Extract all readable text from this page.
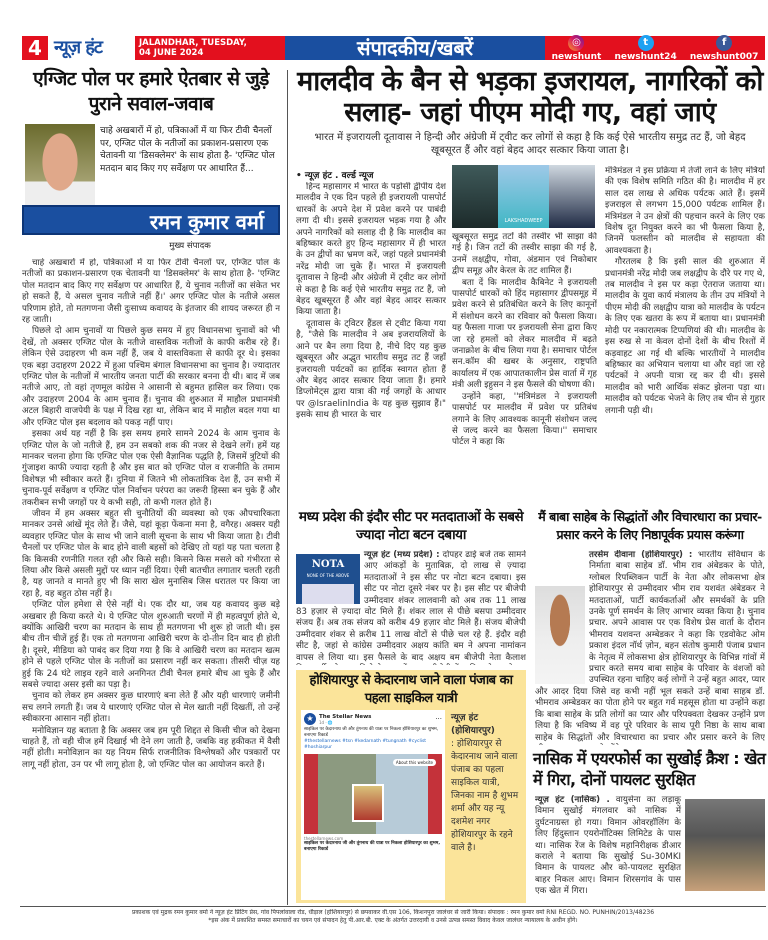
4 न्यूज़ हंट	JALANDHAR, TUESDAY,
04 JUNE 2024	संपादकीय/खबरें	◎
newshunt
t
newshunt24
f
newshunt007
एग्जिट पोल पर हमारे ऐतबार से जुड़े पुराने सवाल-जवाब
चाहे अखबारों में हो, पत्रिकाओं में या फिर टीवी चैनलों पर, एग्जिट पोल के नतीजों का प्रकाशन-प्रसारण एक चेतावनी या 'डिसक्लेमर' के साथ होता है- 'एग्जिट पोल मतदान बाद किए गए सर्वेक्षण पर आधारित हैं...
रमन कुमार वर्मा
मुख्य संपादक

चाहे अखबारों में हो, पत्रिकाओं में या फिर टीवी चैनलों पर, एग्जिट पोल के नतीजों का प्रकाशन-प्रसारण एक चेतावनी या 'डिसक्लेमर' के साथ होता है- 'एग्जिट पोल मतदान बाद किए गए सर्वेक्षण पर आधारित हैं, ये चुनाव नतीजों का संकेत भर हो सकते हैं, ये असल चुनाव नतीजे नहीं हैं।' अगर एग्जिट पोल के नतीजे असल परिणाम होते, तो मतगणना जैसी दुःसाध्य कवायद के इंतजार की शायद जरूरत ही न रह जाती।

पिछले दो आम चुनावों या पिछले कुछ समय में हुए विधानसभा चुनावों को भी देखें, तो अक्सर एग्जिट पोल के नतीजे वास्तविक नतीजों के काफी करीब रहे हैं। लेकिन ऐसे उदाहरण भी कम नहीं हैं, जब ये वास्तविकता से काफी दूर थे। इसका एक बड़ा उदाहरण 2022 में हुआ पश्चिम बंगाल विधानसभा का चुनाव है। ज्यादातर एग्जिट पोल के नतीजों में भारतीय जनता पार्टी की सरकार बनना दी थी। बाद में जब नतीजे आए, तो वहां तृणमूल कांग्रेस ने आसानी से बहुमत हासिल कर लिया। एक और उदाहरण 2004 के आम चुनाव हैं। चुनाव की शुरुआत में माहौल प्रधानमंत्री अटल बिहारी वाजपेयी के पक्ष में दिख रहा था, लेकिन बाद में माहौल बदल गया था और एग्जिट पोल इस बदलाव को पकड़ नहीं पाए।

इसका अर्थ यह नहीं है कि इस समय हमारे सामने 2024 के आम चुनाव के एग्जिट पोल के जो नतीजे हैं, हम उन सबको शक की नजर से देखने लगें। हमें यह मानकर चलना होगा कि एग्जिट पोल एक ऐसी वैज्ञानिक पद्धति है, जिसमें त्रुटियों की गुंजाइश काफी ज्यादा रहती है और इस बात को एग्जिट पोल व राजनीति के तमाम विशेषज्ञ भी स्वीकार करते हैं। दुनिया में जितने भी लोकतांत्रिक देश हैं, उन सभी में चुनाव-पूर्व सर्वेक्षण व एग्जिट पोल निर्वाचन परंपरा का जरूरी हिस्सा बन चुके हैं और तकरीबन सभी जगहों पर ये कभी सही, तो कभी गलत होते हैं।

जीवन में हम अक्सर बहुत सी चुनौतियों की व्यवस्था को एक औपचारिकता मानकर उनसे आंखें मूंद लेते हैं। जैसे, यहां कूड़ा फेंकना मना है, वगैरह। अक्सर यही व्यवहार एग्जिट पोल के साथ भी जाने वाली सूचना के साथ भी किया जाता है। टीवी चैनलों पर एग्जिट पोल के बाद होने वाली बहसों को देखिए तो यहां यह पता चलता है कि किसकी रणनीति गलत रही और किसे सही। किसने किस मसले को गंभीरता से लिया और किसे असली मुद्दों पर ध्यान नहीं दिया। ऐसी बातचीत लगातार चलती रहती है, यह जानते व मानते हुए भी कि सारा खेल मुनासिब जिस धरातल पर किया जा रहा है, वह बहुत ठोस नहीं है।

एग्जिट पोल हमेशा से ऐसे नहीं थे। एक दौर था, जब यह कवायद कुछ बड़े अखबार ही किया करते थे। ये एग्जिट पोल शुरुआती चरणों में ही महत्वपूर्ण होते थे, क्योंकि आखिरी चरण का मतदान के साथ ही मतगणना भी शुरू हो जाती थी। इस बीच तीन चीजें हुई हैं। एक तो मतगणना आखिरी चरण के दो-तीन दिन बाद ही होती है। दूसरे, मीडिया को पाबंद कर दिया गया है कि वे आखिरी चरण का मतदान खत्म होने से पहले एग्जिट पोल के नतीजों का प्रसारण नहीं कर सकता। तीसरी चीज़ यह हुई कि 24 घंटे लाइव रहने वाले अनगिनत टीवी चैनल हमारे बीच आ चुके हैं और सबसे ज्यादा असर इसी का पड़ा है।

चुनाव को लेकर हम अक्सर कुछ धारणाएं बना लेते हैं और यही धारणाएं जमीनी सच लगने लगती हैं। जब ये धारणाएं एग्जिट पोल से मेल खाती नहीं दिखतीं, तो उन्हें स्वीकारना आसान नहीं होता।

मनोविज्ञान यह बताता है कि अक्सर जब हम पूरी शिद्दत से किसी चीज को देखना चाहते हैं, तो वही चीज हमें दिखाई भी देने लग जाती है, जबकि वह हकीकत में वैसी नहीं होती। मनोविज्ञान का यह नियम सिर्फ राजनीतिक विश्लेषकों और पत्रकारों पर लागू नहीं होता, उन पर भी लागू होता है, जो एग्जिट पोल का आयोजन करते हैं।

मालदीव के बैन से भड़का इजरायल, नागरिकों को सलाह- जहां पीएम मोदी गए, वहां जाएं
भारत में इजरायली दूतावास ने हिन्दी और अंग्रेजी में ट्वीट कर लोगों से कहा है कि कई ऐसे भारतीय समुद्र तट हैं, जो बेहद खूबसूरत हैं और वहां बेहद आदर सत्कार किया जाता है।
• न्यूज़ हंट . वर्ल्ड न्यूज

हिन्द महासागर में भारत के पड़ोसी द्वीपीय देश मालदीव ने एक दिन पहले ही इजरायली पासपोर्ट धारकों के अपने देश में प्रवेश करने पर पाबंदी लगा दी थी। इससे इजरायल भड़क गया है और अपने नागरिकों को सलाह दी है कि मालदीव का बहिष्कार करते हुए हिन्द महासागर में ही भारत के उन द्वीपों का भ्रमण करें, जहां पहले प्रधानमंत्री नरेंद्र मोदी जा चुके हैं। भारत में इजरायली दूतावास ने हिन्दी और अंग्रेजी में ट्वीट कर लोगों से कहा है कि कई ऐसे भारतीय समुद्र तट हैं, जो बेहद खूबसूरत हैं और वहां बेहद आदर सत्कार किया जाता है।

दूतावास के ट्विटर हैंडल से ट्वीट किया गया है, "जैसे कि मालदीव ने अब इजरायलियों के आने पर बैन लगा दिया है, नीचे दिए यह कुछ खूबसूरत और अद्भुत भारतीय समुद्र तट हैं जहाँ इजरायली पर्यटकों का हार्दिक स्वागत होता हैं और बेहद आदर सत्कार दिया जाता हैं। हमारे डिप्लोमेट्स द्वारा यात्रा की गई जगहों के आधार पर @IsraelinIndia के यह कुछ सुझाव हैं।" इसके साथ ही भारत के चार

LAKSHADWEEP

खूबसूरत समुद्र तटों की तस्वीर भी साझा की गई है। जिन तटों की तस्वीर साझा की गई है, उनमें लक्षद्वीप, गोवा, अंडमान एवं निकोबार द्वीप समूह और केरल के तट शामिल हैं।

बता दें कि मालदीव कैबिनेट ने इजरायली पासपोर्ट धारकों को हिंद महासागर द्वीपसमूह में प्रवेश करने से प्रतिबंधित करने के लिए कानूनों में संशोधन करने का रविवार को फैसला किया। यह फैसला गाजा पर इजरायली सेना द्वारा किए जा रहे हमलों को लेकर मालदीव में बढ़ते जनाक्रोश के बीच लिया गया है। समाचार पोर्टल सन.कॉम की खबर के अनुसार, राष्ट्रपति कार्यालय में एक आपातकालीन प्रेस वार्ता में गृह मंत्री अली इहुसन ने इस फैसले की घोषणा की।

उन्होंने कहा, ''मंत्रिमंडल ने इजरायली पासपोर्ट पर मालदीव में प्रवेश पर प्रतिबंध लगाने के लिए आवश्यक कानूनी संशोधन जल्द से जल्द करने का फैसला किया।'' समाचार पोर्टल ने कहा कि

मंत्रिमंडल ने इस प्रक्रिया में तेजी लाने के लिए मंत्रियों की एक विशेष समिति गठित की है। मालदीव में हर साल दस लाख से अधिक पर्यटक आते हैं। इसमें इजराइल से लगभग 15,000 पर्यटक शामिल हैं। मंत्रिमंडल ने उन क्षेत्रों की पहचान करने के लिए एक विशेष दूत नियुक्त करने का भी फैसला किया है, जिनमें फलस्तीन को मालदीव से सहायता की आवश्यकता है।

गौरतलब है कि इसी साल की शुरुआत में प्रधानमंत्री नरेंद्र मोदी जब लक्षद्वीप के दौरे पर गए थे, तब मालदीव ने इस पर कड़ा ऐतराज जताया था। मालदीव के युवा कार्य मंत्रालय के तीन उप मंत्रियों ने पीएम मोदी की लक्षद्वीप यात्रा को मालदीव के पर्यटन के लिए एक खतरा के रूप में बताया था। प्रधानमंत्री मोदी पर नकारात्मक टिप्पणियां की थी। मालदीव के इस रुख से ना केवल दोनों देशों के बीच रिश्तों में कड़वाहट आ गई थी बल्कि भारतीयों ने मालदीव बहिष्कार का अभियान चलाया था और वहां जा रहे पर्यटकों ने अपनी यात्रा रद्द कर दी थी। इससे मालदीव को भारी आर्थिक संकट झेलना पड़ा था। मालदीव को पर्यटक भेजने के लिए तब चीन से गुहार लगानी पड़ी थी।

मध्य प्रदेश की इंदौर सीट पर मतदाताओं के सबसे ज्यादा नोटा बटन दबाया
NOTA
NONE OF THE ABOVE
न्यूज़ हंट (मध्य प्रदेश) : दोपहर ढाई बजे तक सामने आए आंकड़ों के मुताबिक़, दो लाख से ज़्यादा मतदाताओं ने इस सीट पर नोटा बटन दबाया। इस सीट पर नोटा दूसरे नंबर पर है। इस सीट पर बीजेपी उम्मीदवार शंकर लालवानी को अब तक 11 लाख 83 हज़ार से ज़्यादा वोट मिले हैं। शंकर लाल से पीछे बसपा उम्मीदवार संजय हैं। अब तक संजय को करीब 49 हज़ार वोट मिले हैं। संजय बीजेपी उम्मीदवार शंकर से क़रीब 11 लाख वोटों से पीछे चल रहे हैं. इंदौर वही सीट है, जहां से कांग्रेस उम्मीदवार अक्षय कांति बम ने अपना नामांकन वापस ले लिया था। इस फैसले के बाद अक्षय बम बीजेपी नेता कैलाश
होशियारपुर से केदारनाथ जाने वाला पंजाब का पहला साइकिल यात्री
★ The Stellar News
1d · 🌐	···
साइकिल पर केदारनाथ जी और तुंगनाथ की यात्रा पर निकला होशियारपुर का शुभम, बनाएगा रिकार्ड
#thestellarnews #tsn #kedarnath #tungnath #cyclist #hoshiarpur
About this website
thestellarnews.com
साइकिल पर केदारनाथ जी और तुंगनाथ की यात्रा पर निकला होशियारपुर का शुभम, बनाएगा रिकार्ड
न्यूज़ हंट (होशियारपुर)
: होशियारपुर से केदारनाथ जाने वाला पंजाब का पहला साइकिल यात्री, जिनका नाम है शुभम शर्मा और यह न्यू दशमेश नगर होशियारपुर के रहने वाले है।
मैं बाबा साहेब के सिद्धांतों और विचारधारा का प्रचार-प्रसार करने के लिए निष्ठापूर्वक प्रयास करूंगा
तरसेम दीवाना (होशियारपुर) : भारतीय संविधान के निर्माता बाबा साहेब डॉ. भीम राव अंबेडकर के पोते, ग्लोबल रिपब्लिकन पार्टी के नेता और लोकसभा क्षेत्र होशियारपुर से उम्मीदवार भीम राव यशवंत अंबेडकर ने मतदाताओं, पार्टी कार्यकर्ताओं और समर्थकों के प्रति उनके पूर्ण समर्थन के लिए आभार व्यक्त किया है। चुनाव प्रचार. अपने आवास पर एक विशेष प्रेस वार्ता के दौरान भीमराव यशवन्त अम्बेडकर ने कहा कि एडवोकेट ओम प्रकाश इंदल नॉर्थ ज़ोन, बहन संतोष कुमारी पंजाब प्रधान के नेतृत्व में लोकसभा क्षेत्र होशियारपुर के विभिन्न गांवों में प्रचार करते समय बाबा साहेब के परिवार के वंशजों को उपस्थित रहना चाहिए कई लोगों ने उन्हें बहुत आदर, प्यार और आदर दिया जिसे वह कभी नहीं भूल सकते उन्हें बाबा साहब डॉ. भीमराव अम्बेडकर का पोता होने पर बहुत गर्व महसूस होता था उन्होंने कहा कि बाबा साहेब के प्रति लोगों का प्यार और परिपक्वता देखकर उन्होंने प्रण लिया है कि भविष्य में वह पूरे परिवार के साथ पूरी निष्ठा के साथ बाबा साहेब के सिद्धांतों और विचारधारा का प्रचार और प्रसार करने के लिए
नासिक में एयरफोर्स का सुखोई क्रैश : खेत में गिरा, दोनों पायलट सुरक्षित
न्यूज़ हंट (नासिक) . वायुसेना का लड़ाकू विमान सुखोई मंगलवार को नासिक में दुर्घटनाग्रस्त हो गया। विमान ओवरहॉलिंग के लिए हिंदुस्तान एयरोनॉटिक्स लिमिटेड के पास था। नासिक रेंज के विशेष महानिरीक्षक डीआर कराले ने बताया कि सुखोई Su-30MKI विमान के पायलट और को-पायलट सुरक्षित बाहर निकल आए। विमान शिरसगांव के पास एक खेत में गिरा।
प्रकाशक एवं मुद्रक रमन कुमार वर्मा ने न्यूज़ हंट प्रिंटिंग प्रेस, गांव पिपलांवाला रोड, धीड़ाल (होशियारपुर) से छपवाकर वी.एस 106, किशनपुरा जालंधर से जारी किया। संपादक : रमन कुमार वर्मा RNI REGD. NO. PUNHIN/2013/48236
*इस अंक में प्रकाशित समस्त समाचारों का चयन एवं संपादन हेतु पी.आर.बी. एक्ट के अंतर्गत उत्तरदायी व उनसे उत्पन्न समस्त विवाद केवल जालंधर न्यायालय के अधीन होंगे।
